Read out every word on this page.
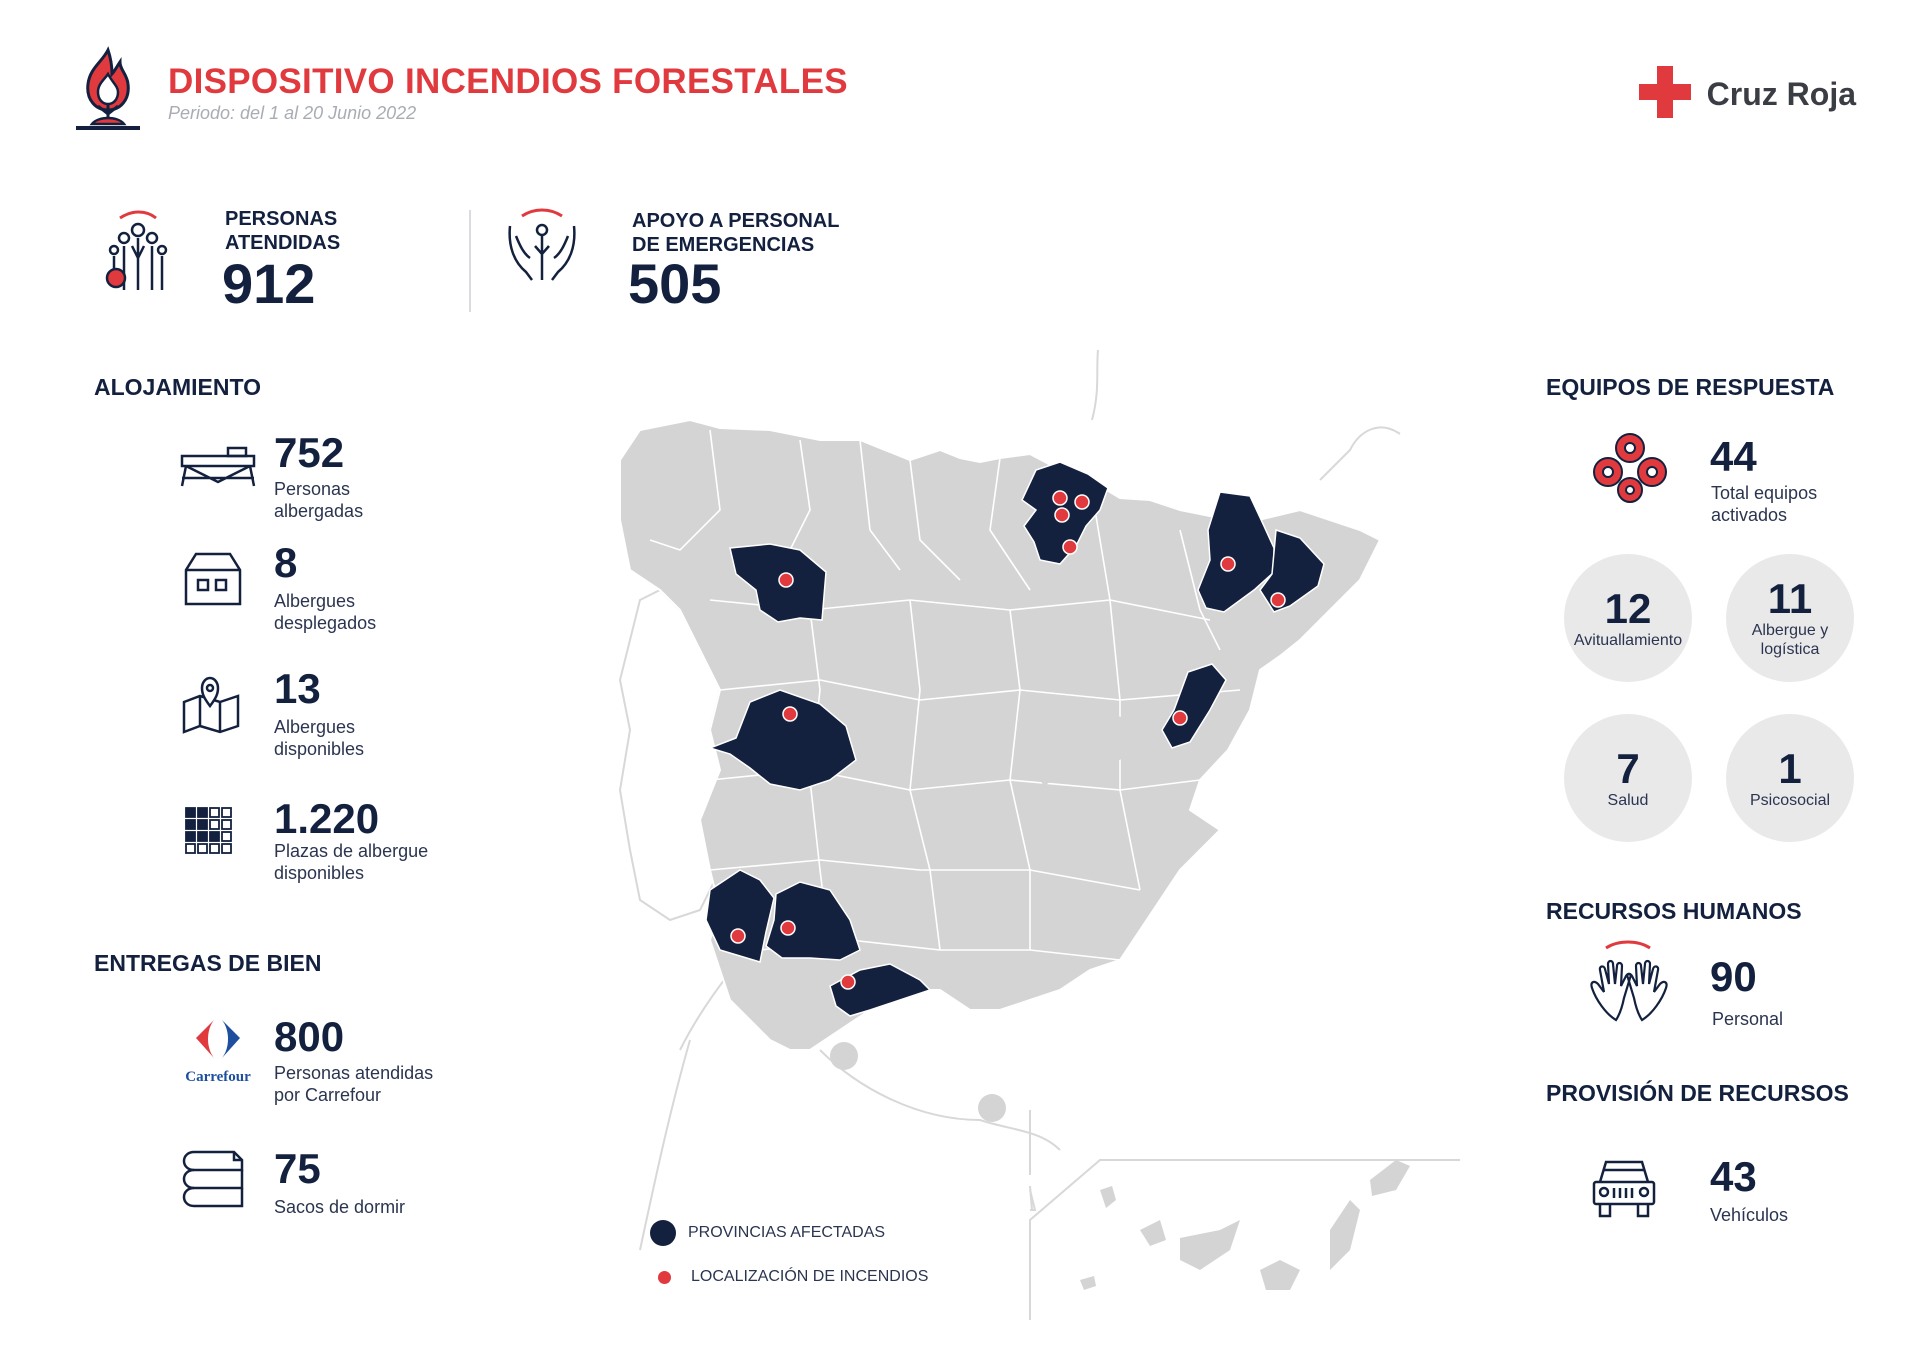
DISPOSITIVO INCENDIOS FORESTALES
Periodo: del 1 al 20 Junio 2022
Cruz Roja
PERSONAS
ATENDIDAS
912
APOYO A PERSONAL
DE EMERGENCIAS
505
ALOJAMIENTO
752
Personas
albergadas
8
Albergues
desplegados
13
Albergues
disponibles
1.220
Plazas de albergue
disponibles
ENTREGAS DE BIEN
Carrefour
800
Personas atendidas
por Carrefour
75
Sacos de dormir
PROVINCIAS AFECTADAS
LOCALIZACIÓN DE INCENDIOS
EQUIPOS DE RESPUESTA
44
Total equipos
activados
12
Avituallamiento
11
Albergue y logística
7
Salud
1
Psicosocial
RECURSOS HUMANOS
90
Personal
PROVISIÓN DE RECURSOS
43
Vehículos
